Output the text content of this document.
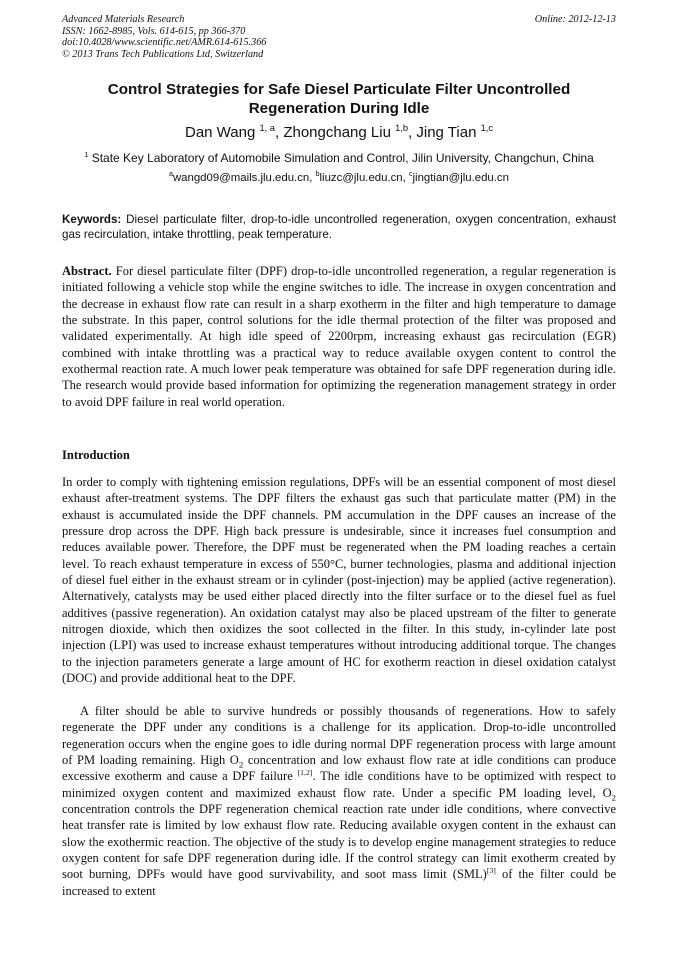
Advanced Materials Research
ISSN: 1662-8985, Vols. 614-615, pp 366-370
doi:10.4028/www.scientific.net/AMR.614-615.366
© 2013 Trans Tech Publications Ltd, Switzerland
Online: 2012-12-13
Control Strategies for Safe Diesel Particulate Filter Uncontrolled
Regeneration During Idle
Dan Wang $^{1, a}$, Zhongchang Liu $^{1,b}$, Jing Tian $^{1,c}$
$^1$ State Key Laboratory of Automobile Simulation and Control, Jilin University, Changchun, China
$^a$wangd09@mails.jlu.edu.cn, $^b$liuzc@jlu.edu.cn, $^c$jingtian@jlu.edu.cn
Keywords: Diesel particulate filter, drop-to-idle uncontrolled regeneration, oxygen concentration, exhaust gas recirculation, intake throttling, peak temperature.
Abstract. For diesel particulate filter (DPF) drop-to-idle uncontrolled regeneration, a regular regeneration is initiated following a vehicle stop while the engine switches to idle. The increase in oxygen concentration and the decrease in exhaust flow rate can result in a sharp exotherm in the filter and high temperature to damage the substrate. In this paper, control solutions for the idle thermal protection of the filter was proposed and validated experimentally. At high idle speed of 2200rpm, increasing exhaust gas recirculation (EGR) combined with intake throttling was a practical way to reduce available oxygen content to control the exothermal reaction rate. A much lower peak temperature was obtained for safe DPF regeneration during idle. The research would provide based information for optimizing the regeneration management strategy in order to avoid DPF failure in real world operation.
Introduction
In order to comply with tightening emission regulations, DPFs will be an essential component of most diesel exhaust after-treatment systems. The DPF filters the exhaust gas such that particulate matter (PM) in the exhaust is accumulated inside the DPF channels. PM accumulation in the DPF causes an increase of the pressure drop across the DPF. High back pressure is undesirable, since it increases fuel consumption and reduces available power. Therefore, the DPF must be regenerated when the PM loading reaches a certain level. To reach exhaust temperature in excess of 550°C, burner technologies, plasma and additional injection of diesel fuel either in the exhaust stream or in cylinder (post-injection) may be applied (active regeneration). Alternatively, catalysts may be used either placed directly into the filter surface or to the diesel fuel as fuel additives (passive regeneration). An oxidation catalyst may also be placed upstream of the filter to generate nitrogen dioxide, which then oxidizes the soot collected in the filter. In this study, in-cylinder late post injection (LPI) was used to increase exhaust temperatures without introducing additional torque. The changes to the injection parameters generate a large amount of HC for exotherm reaction in diesel oxidation catalyst (DOC) and provide additional heat to the DPF.
A filter should be able to survive hundreds or possibly thousands of regenerations. How to safely regenerate the DPF under any conditions is a challenge for its application. Drop-to-idle uncontrolled regeneration occurs when the engine goes to idle during normal DPF regeneration process with large amount of PM loading remaining. High $O_2$ concentration and low exhaust flow rate at idle conditions can produce excessive exotherm and cause a DPF failure [1,2]. The idle conditions have to be optimized with respect to minimized oxygen content and maximized exhaust flow rate. Under a specific PM loading level, $O_2$ concentration controls the DPF regeneration chemical reaction rate under idle conditions, where convective heat transfer rate is limited by low exhaust flow rate. Reducing available oxygen content in the exhaust can slow the exothermic reaction. The objective of the study is to develop engine management strategies to reduce oxygen content for safe DPF regeneration during idle. If the control strategy can limit exotherm created by soot burning, DPFs would have good survivability, and soot mass limit (SML)[3] of the filter could be increased to extent
